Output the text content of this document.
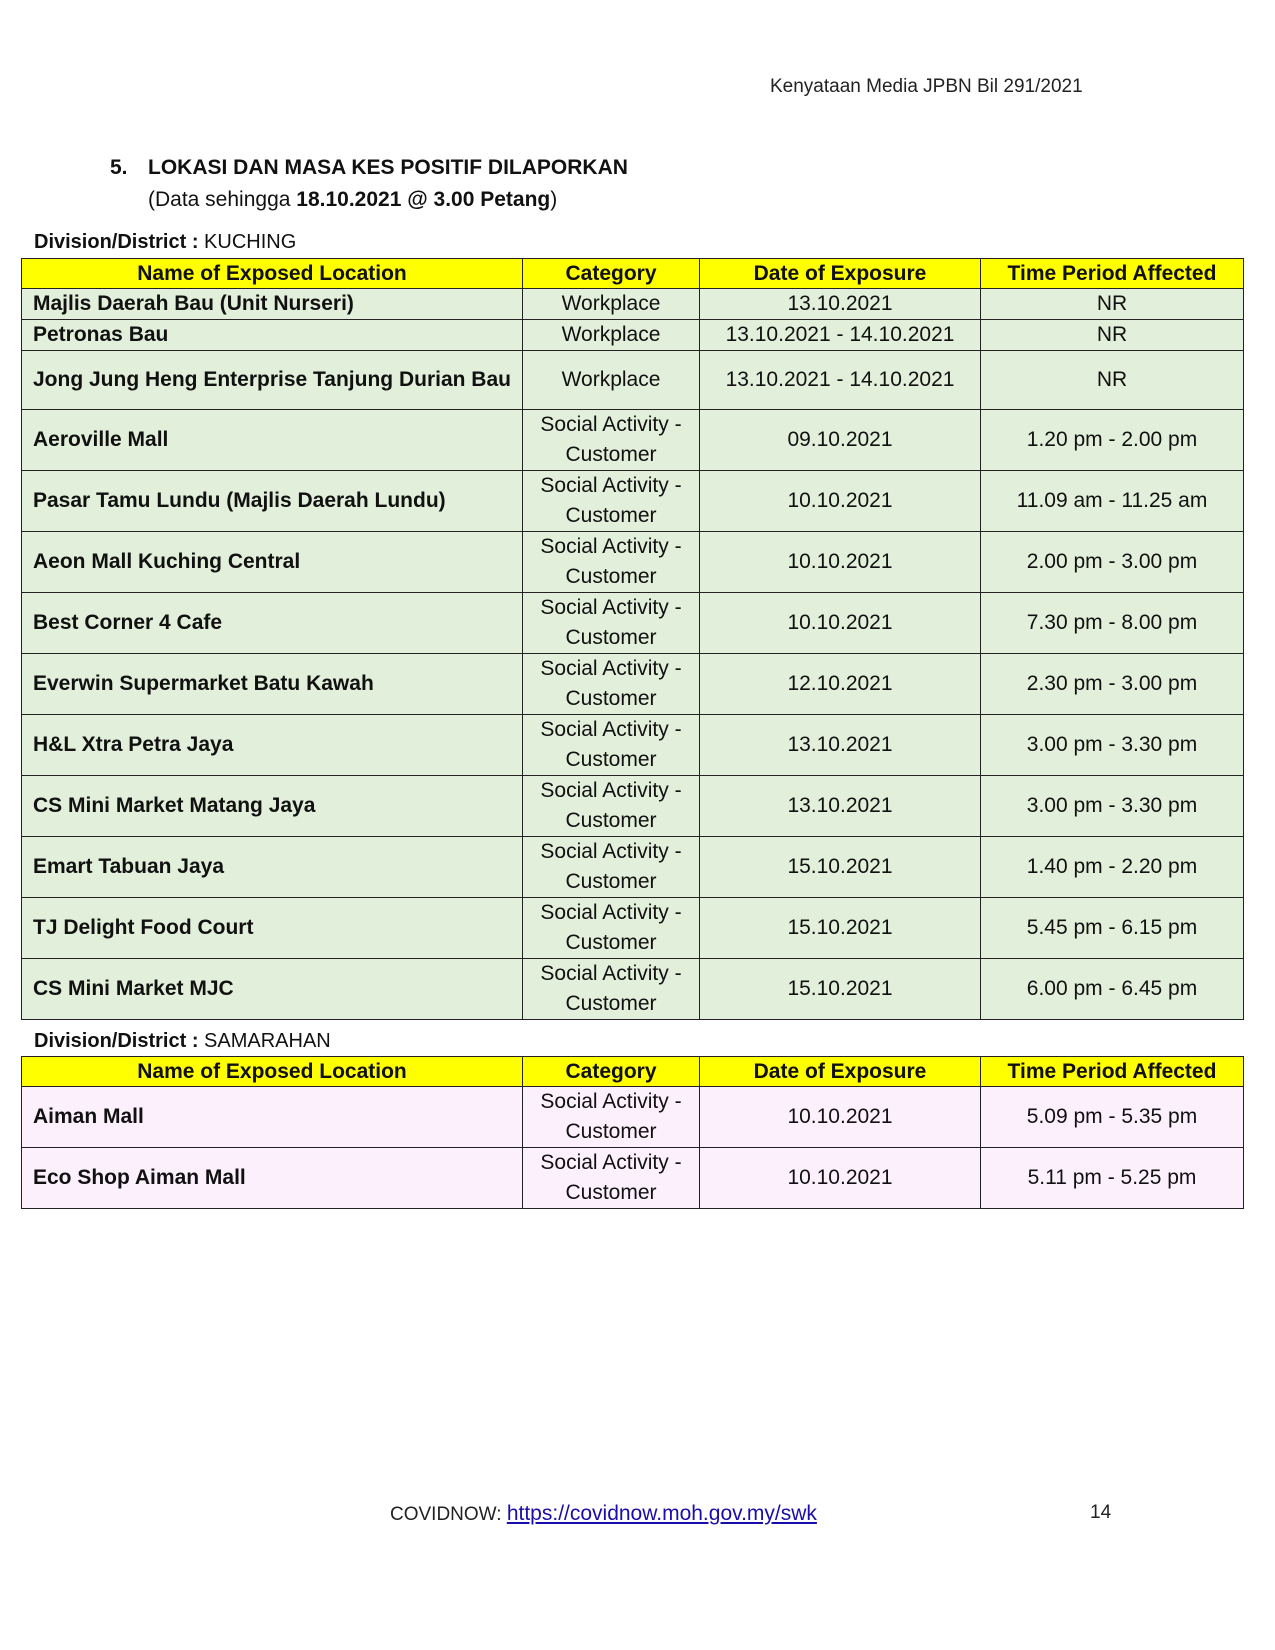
Kenyataan Media JPBN Bil 291/2021
5. LOKASI DAN MASA KES POSITIF DILAPORKAN
(Data sehingga 18.10.2021 @ 3.00 Petang)
Division/District : KUCHING
Name of Exposed Location	Category	Date of Exposure	Time Period Affected
Majlis Daerah Bau (Unit Nurseri)	Workplace	13.10.2021	NR
Petronas Bau	Workplace	13.10.2021 - 14.10.2021	NR
Jong Jung Heng Enterprise Tanjung Durian Bau	Workplace	13.10.2021 - 14.10.2021	NR
Aeroville Mall	Social Activity - Customer	09.10.2021	1.20 pm - 2.00 pm
Pasar Tamu Lundu (Majlis Daerah Lundu)	Social Activity - Customer	10.10.2021	11.09 am - 11.25 am
Aeon Mall Kuching Central	Social Activity - Customer	10.10.2021	2.00 pm - 3.00 pm
Best Corner 4 Cafe	Social Activity - Customer	10.10.2021	7.30 pm - 8.00 pm
Everwin Supermarket Batu Kawah	Social Activity - Customer	12.10.2021	2.30 pm - 3.00 pm
H&L Xtra Petra Jaya	Social Activity - Customer	13.10.2021	3.00 pm - 3.30 pm
CS Mini Market Matang Jaya	Social Activity - Customer	13.10.2021	3.00 pm - 3.30 pm
Emart Tabuan Jaya	Social Activity - Customer	15.10.2021	1.40 pm - 2.20 pm
TJ Delight Food Court	Social Activity - Customer	15.10.2021	5.45 pm - 6.15 pm
CS Mini Market MJC	Social Activity - Customer	15.10.2021	6.00 pm - 6.45 pm
Division/District : SAMARAHAN
Name of Exposed Location	Category	Date of Exposure	Time Period Affected
Aiman Mall	Social Activity - Customer	10.10.2021	5.09 pm - 5.35 pm
Eco Shop Aiman Mall	Social Activity - Customer	10.10.2021	5.11 pm - 5.25 pm
COVIDNOW: https://covidnow.moh.gov.my/swk	14
